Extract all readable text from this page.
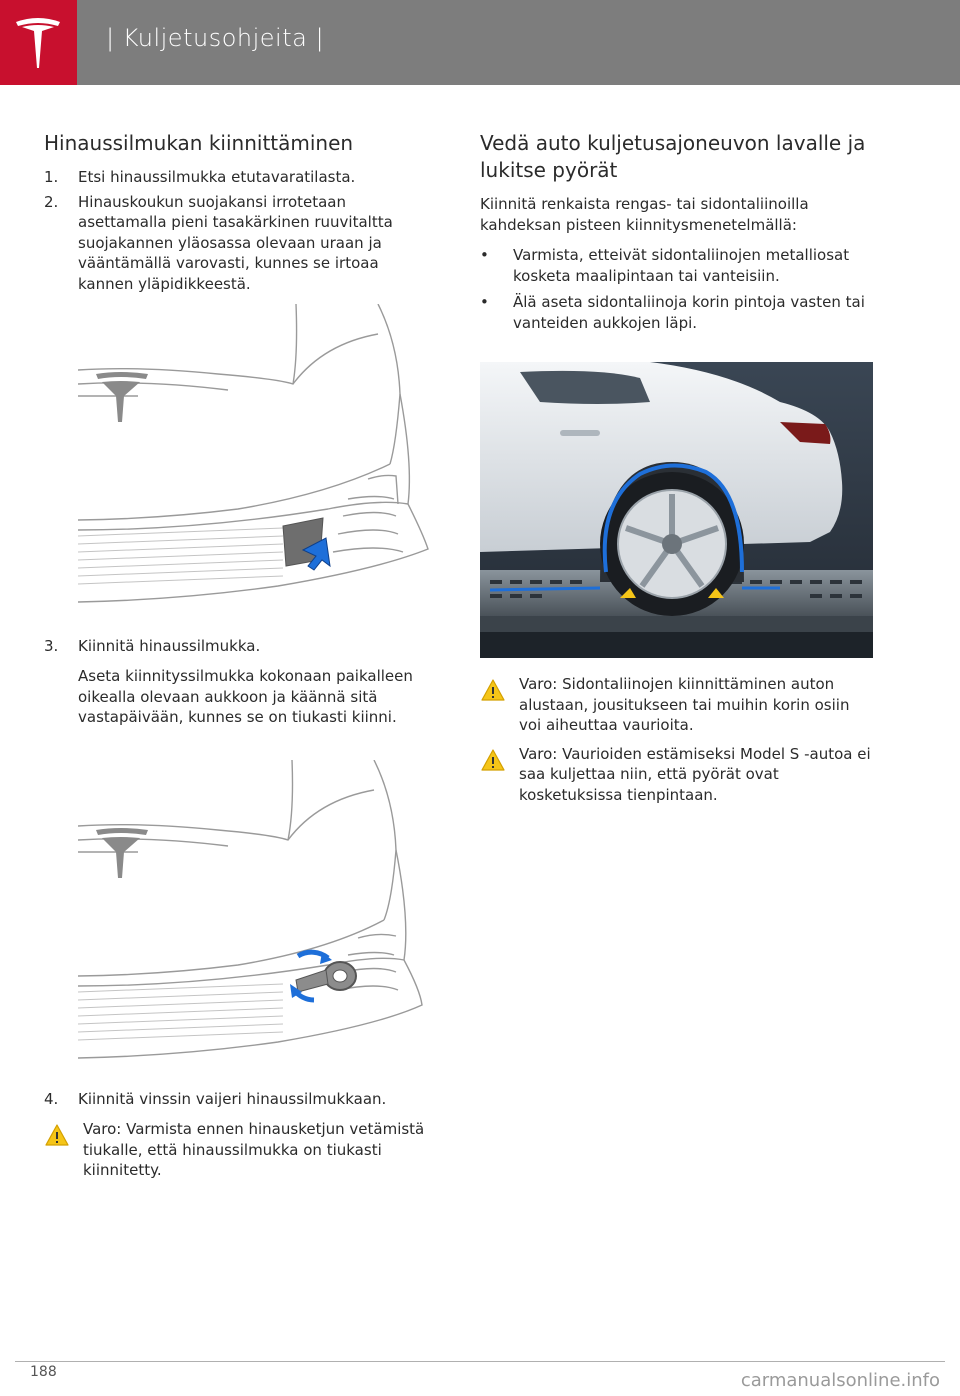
| Kuljetusohjeita |
Hinaussilmukan kiinnittäminen
1. Etsi hinaussilmukka etutavaratilasta.
2. Hinauskoukun suojakansi irrotetaan asettamalla pieni tasakärkinen ruuvitaltta suojakannen yläosassa olevaan uraan ja vääntämällä varovasti, kunnes se irtoaa kannen yläpidikkeestä.
3. Kiinnitä hinaussilmukka.
Aseta kiinnityssilmukka kokonaan paikalleen oikealla olevaan aukkoon ja käännä sitä vastapäivään, kunnes se on tiukasti kiinni.
4. Kiinnitä vinssin vaijeri hinaussilmukkaan.
Varo: Varmista ennen hinausketjun vetämistä tiukalle, että hinaussilmukka on tiukasti kiinnitetty.
Vedä auto kuljetusajoneuvon lavalle ja lukitse pyörät

Kiinnitä renkaista rengas- tai sidontaliinoilla kahdeksan pisteen kiinnitysmenetelmällä:

• Varmista, etteivät sidontaliinojen metalliosat kosketa maalipintaan tai vanteisiin.
• Älä aseta sidontaliinoja korin pintoja vasten tai vanteiden aukkojen läpi.
Varo: Sidontaliinojen kiinnittäminen auton alustaan, jousitukseen tai muihin korin osiin voi aiheuttaa vaurioita.
Varo: Vaurioiden estämiseksi Model S -autoa ei saa kuljettaa niin, että pyörät ovat kosketuksissa tienpintaan.
188	carmanualsonline.info
